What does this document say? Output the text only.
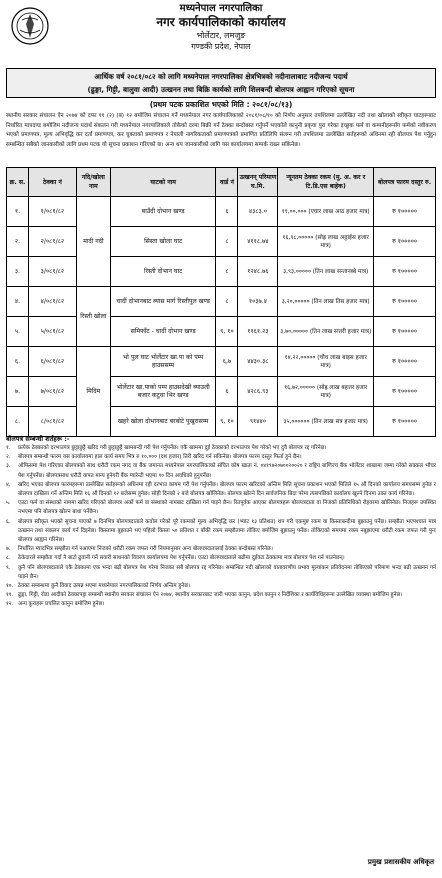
मध्यनेपाल नगरपालिका
नगर कार्यपालिकाको कार्यालय
भोर्लेटार, लमजुङ
गण्डकी प्रदेश, नेपाल
आर्थिक वर्ष २०८१/०८२ को लागि मध्यनेपाल नगरपालिका क्षेत्रभित्रको नदीनालाबाट नदीजन्य पदार्थ
(ढुङ्गा, गिट्टी, बालुवा आदी) उत्खनन तथा बिक्रि कार्यको लागि शिलबन्दी बोलपत्र आह्वान गरिएको सूचना
(प्रथम पटक प्रकाशित भएको मिति : २०८१/०८/१३)
स्थानीय सरकार संचालन ऐन २०७४ को दफा ११ (२) (ब) १२ बमोजिम संचालन गर्ने मध्यनेपाल नगर कार्यपालिकाको २०८१/०८/१० को निर्णय अनुसार तपशिलमा उल्लेखित नदी तथा खोलाको स्वीकृत घाटहरूबाट निर्धारित मापदण्ड बमोजिम नदीजन्य पदार्थ संकलन गरी मध्यनेपाल नगरपालिकाले तोकेको दरमा बिक्री गर्ने ठेक्का बन्दोबस्त गर्नुपर्ने भएकोले कानुनी प्रकृया पुरा गरेका इच्छुक फर्म वा कम्पनीहरूसँग फर्मको नवीकरण भएको प्रमाणपत्र, मूल्य अभिवृद्धि कर दर्ता प्रमाणपत्र, कर चुक्ताको प्रमाणपत्र र नेपाली नागरिकताको प्रमाणपत्रको प्रमाणित प्रतिलिपि संलग्न गरी तपशिलमा उल्लेखित सर्तहरूको अधिनमा रही बोलपत्र पेश गर्नुहुन सम्बन्धित सबैको जानकारीको लागि प्रथम पटक यो सूचना प्रकाशन गरिएको छ। अन्य थप जानकारीको लागि यस कार्यालयमा सम्पर्क राख्न सकिनेछ।
क्र. स.	ठेक्का नं	नदि/खोला नाम	घाटको नाम	वार्ड नं	उत्खनन् परिमाण घ.मि.	न्यूनतम ठेक्का रकम (मु. अ. कर र टि.डि.एस बाहेक)	बोलपत्र फारम दस्तुर रु.
१.	१/०८१/८२	मादी नदी	बाउँदी दोभान खण्ड	६	४३८३.०	११,००,००० (एघार लाख आठ हजार मात्र)	रु १०००००
२.	२/०८१/८२		सिस्ता खोला घाट	८	४११८.७४	१६,९८,००००० (सोह्र लाख अठ्ठाईस हजार मात्र)	रु १०००००
३.	३/०८१/८२		रिस्ती दोभान घाट	८	१२४८.७६	३,९३,००००० (तिन लाख सन्तानब्बे मात्र)	रु १०००००
४.	४/०८१/८२	रिस्ती खोला	चादीं दोभानबाट ब्यास मार्ग रिस्तीपुल खण्ड	८	१०३७.४	३,२०,००००० (तिन लाख तिस हजार मात्र)	रु १०००००
५.	५/०८१/८२		समिफाँट - चादीं दोभान खण्ड	९, १०	११६१.२३	३,७०,००००० (तिन लाख सत्तरी हजार मात्र)	रु १०००००
६.	६/०८१/८२	मिदिम	भो पुल घाट भोर्लेटार खा.पा को पम्प हाउससम्म	६,७	४४३०.३८	१४,२२,००००० (चौध लाख बाइस हजार मात्र)	रु १०००००
७.	७/०८१/८२		भोर्लेटार खा.पाको पम्प हाउसदेखी ब्याउली बजार कटुवा भिर खण्ड	६	४२८६.९३	१६,७२,००००० (सोह्र लाख बहत्तर हजार मात्र)	रु १०००००
८.	८/०८१/८२		खहरे खोला दोभानबाट बरबोटे पुखुरासम्म	९, १०	९१४४०	३५,०००००० (तिन लाख सत्र हजार मात्र)	रु १०००००
बोलपत्र सम्बन्धी शर्तहरू :-
१.	प्रत्येक ठेक्काको दरभाउपत्र छुट्टाछुट्टै खरिद गरी छुट्टाछुट्टै खामबन्दी गरी पेश गर्नुपर्नेछ। एकै खाममा दुई ठेक्काको दरभाउपत्र पेश गरेको भए दुवै बोलपत्र रद्द गरिनेछ।
२.	बोलपत्र सम्बन्धी फारम यस कार्यालयमा हाल कार्य समय भित्र रु १०,००० (दश हजार) तिरी खरिद गर्न सकिनेछ। बोलपत्र फारम दस्तुर फिर्ता हुने छैन।
३.	ओफिसमा पेश गरिएका बोलपत्रको साथ धरौटी रकम नगद वा बैंक जमानत मध्यनेपाल नगरपालिकाको संचित कोष खाता नं. ०४१९७२०७००२००२० र राष्ट्रिय बाणिज्य बैंक भोर्लेटार शाखामा जम्मा गरेको सक्कल भौचर पेश गर्नुपर्नेछ। बोलपत्रसाथ धरौटी वापत मान्य हुनेगरी बैंक ग्यारेन्टी भएमा ९० दिन अवधिको हुनुपर्नेछ।
४.	खरिद भएका बोलपत्र फारमहरूमा उल्लेखित सर्तहरूको अधिनमा रही दरभाउ कायम गरी पेश गर्नुपर्नेछ। बोलपत्र फारम खरिदको अन्तिम मिति सूचना प्रकाशन भएको मितिले १५ औं दिनको कार्यालय समयसम्म हुनेछ र बोलपत्र दाखिला गर्ने अन्तिम मिति १६ औं दिनको १२ बजेसम्म हुनेछ। सोही दिनको २ बजे बोलपत्र खोलिनेछ। बोलपत्र खोल्ने दिन सार्वजनिक बिदा परेमा त्यसपछिको कार्यालय खुल्ने दिनमा उक्त कार्य गरिनेछ।
५.	एउटा फर्म वा संस्थाको नाममा खरिद गरिएको बोलपत्र अर्को फर्म वा संस्थाको नामबाट दाखिला गर्न पाइने छैन। रितपूर्वक आएका बोलपत्रहरू बोलपत्रदाता वा निजको प्रतिनिधिको रोहवरमा खोलिनेछ। निजहरू उपस्थित नभएमा पनि बोलपत्र खोल्न बाधा पर्नेछैन।
६.	बोलपत्र स्वीकृत भएको सूचना पाएको ७ दिनभित्र बोलपत्रदाताले कवोल गरेको पूरै रकमको मूल्य अभिवृद्धि कर (भ्याट १३ प्रतिशत) थप गरी एकमुष्ट रकम वा किस्ताबन्दीमा बुझाउनु पर्नेछ। सम्झौता भएपश्चात मात्र उत्खनन तथा संकलन कार्य गर्न दिइनेछ। किस्तामा बुझाउने भए पहिलो किस्ता ५० प्रतिशत र बाँकी रकम सम्झौतामा तोकिए बमोजिम बुझाउनु पर्नेछ। तोकिएको समयमा रकम नबुझाएमा धरौटी रकम जफत गरी पुनः बोलपत्र आह्वान गरिनेछ।
७.	निर्धारित म्यादभित्र सम्झौता गर्न नआएमा निजको धरौटी रकम जफत गरी नियमानुसार अन्य बोलपत्रदातालाई ठेक्का बन्दोबस्त गरिनेछ।
८.	ठेकेदारले सम्झौता गर्दा नै बाटो ढुवानी गर्ने सवारी साधनको विवरण कार्यालयमा पेश गर्नुपर्नेछ। एउटा बोलपत्रदाताले बढीमा दुईवटा ठेक्कामा मात्र बोलपत्र पेश गर्न पाउनेछन्।
९.	कुनै पनि बोलपत्रदाताले एकै ठेक्कामा एक भन्दा बढी बोलपत्र पेश गरेमा निजका सबै बोलपत्र रद्द गरिनेछ। सम्बन्धित नदी खोलाको वातावरणीय प्रभाव मूल्यांकन प्रतिवेदनमा तोकिएको परिमाण भन्दा बढी उत्खनन गर्न पाइने छैन।
१०. ठेक्का सम्बन्धमा कुनै विवाद उत्पन्न भएमा मध्यनेपाल नगरपालिकाको निर्णय अन्तिम हुनेछ।
११. ढुङ्गा, गिट्टी, रोडा आदीको ठेक्कापट्टा सम्बन्धी स्थानीय सरकार संचालन ऐन २०७४, स्थानीय सरकारबाट जारी भएका कानुन, प्रदेश कानुन र निर्देशिका र कार्यविधिहरूमा उल्लेखित व्यवस्था बमोजिम हुनेछ।
१२. अन्य कुराहरू प्रचलित कानुन बमोजिम हुनेछ।
प्रमुख प्रशासकीय अधिकृत
